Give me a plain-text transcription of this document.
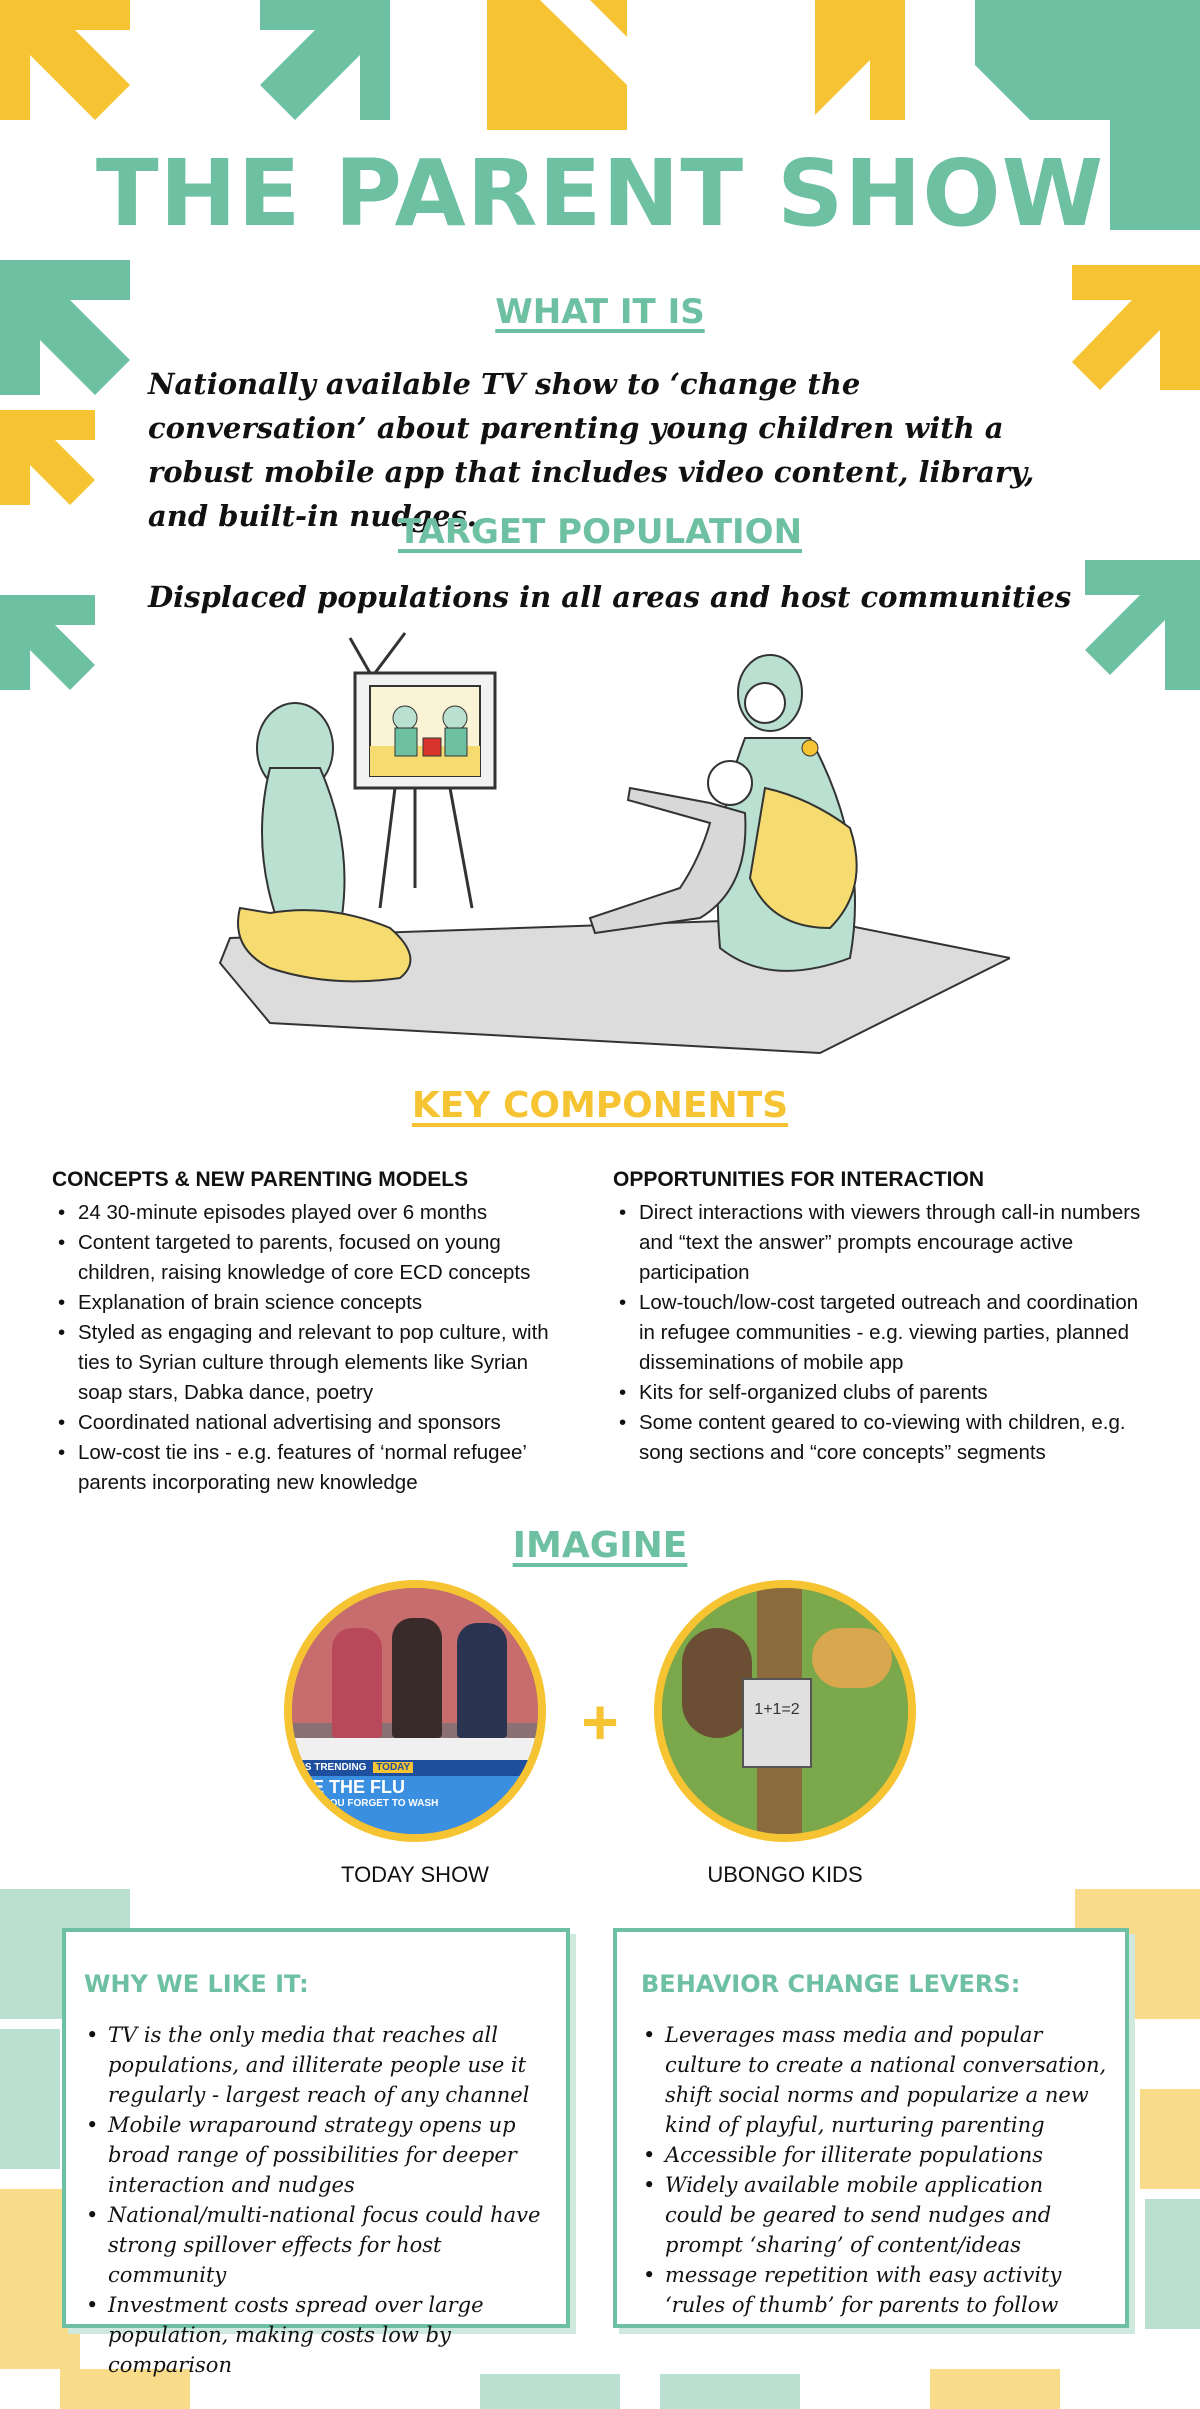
THE PARENT SHOW
WHAT IT IS
Nationally available TV show to ‘change the conversation’ about parenting young children with a robust mobile app that includes video content, library, and built-in nudges.
TARGET POPULATION
Displaced populations in all areas and host communities
KEY COMPONENTS
CONCEPTS & NEW PARENTING MODELS
• 24 30-minute episodes played over 6 months
• Content targeted to parents, focused on young children, raising knowledge of core ECD concepts
• Explanation of brain science concepts
• Styled as engaging and relevant to pop culture, with ties to Syrian culture through elements like Syrian soap stars, Dabka dance, poetry
• Coordinated national advertising and sponsors
• Low-cost tie ins - e.g. features of ‘normal refugee’ parents incorporating new knowledge
OPPORTUNITIES FOR INTERACTION
• Direct interactions with viewers through call-in numbers and “text the answer” prompts encourage active participation
• Low-touch/low-cost targeted outreach and coordination in refugee communities - e.g. viewing parties, planned disseminations of mobile app
• Kits for self-organized clubs of parents
• Some content geared to co-viewing with children, e.g. song sections and “core concepts” segments
IMAGINE
’S TRENDING TODAY
E THE FLU
M YOU FORGET TO WASH
+	1+1=2
TODAY SHOW	UBONGO KIDS
WHY WE LIKE IT:
• TV is the only media that reaches all populations, and illiterate people use it regularly - largest reach of any channel
• Mobile wraparound strategy opens up broad range of possibilities for deeper interaction and nudges
• National/multi-national focus could have strong spillover effects for host community
• Investment costs spread over large population, making costs low by comparison
BEHAVIOR CHANGE LEVERS:
• Leverages mass media and popular culture to create a national conversation, shift social norms and popularize a new kind of playful, nurturing parenting
• Accessible for illiterate populations
• Widely available mobile application could be geared to send nudges and prompt ‘sharing’ of content/ideas
• message repetition with easy activity ‘rules of thumb’ for parents to follow
